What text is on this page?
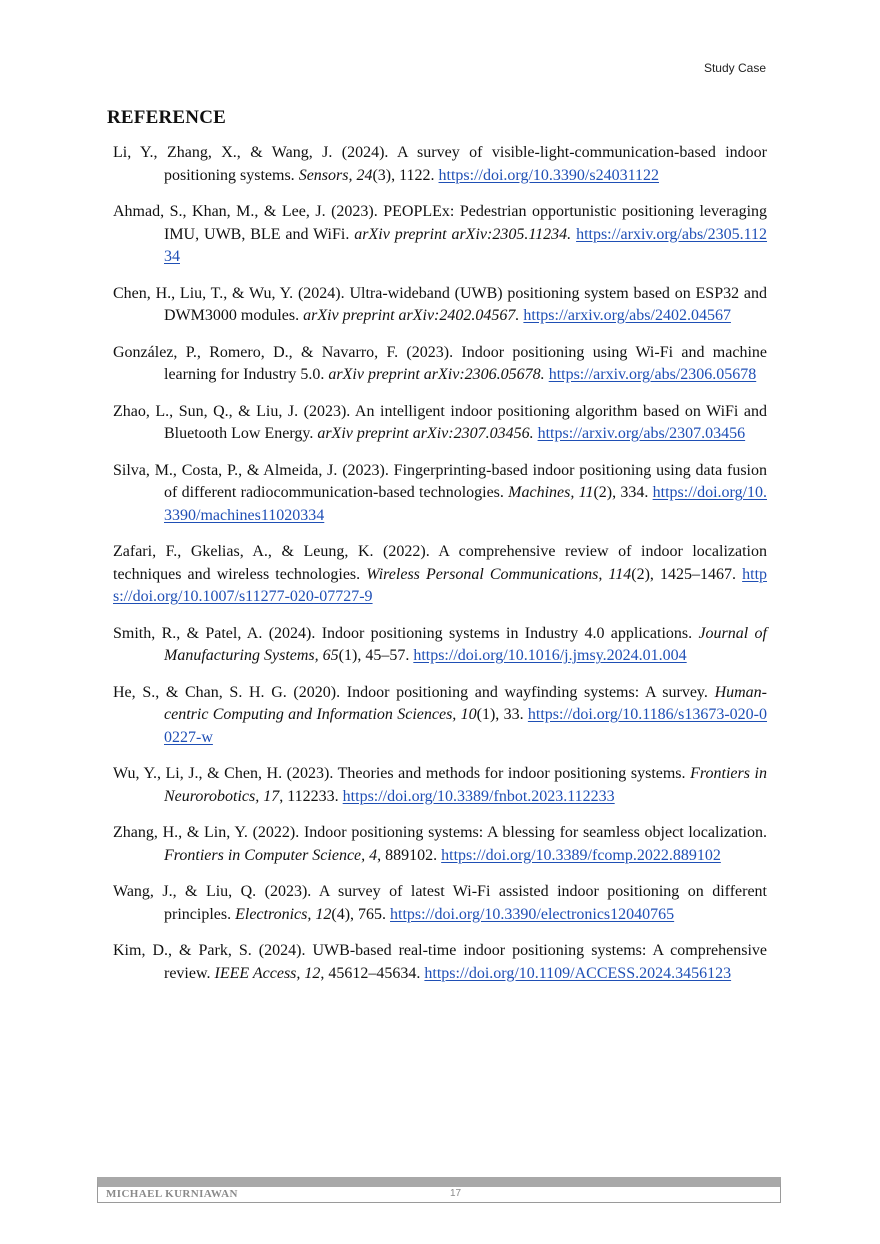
Study Case
REFERENCE
Li, Y., Zhang, X., & Wang, J. (2024). A survey of visible-light-communication-based indoor positioning systems. Sensors, 24(3), 1122. https://doi.org/10.3390/s24031122
Ahmad, S., Khan, M., & Lee, J. (2023). PEOPLEx: Pedestrian opportunistic positioning leveraging IMU, UWB, BLE and WiFi. arXiv preprint arXiv:2305.11234. https://arxiv.org/abs/2305.11234
Chen, H., Liu, T., & Wu, Y. (2024). Ultra-wideband (UWB) positioning system based on ESP32 and DWM3000 modules. arXiv preprint arXiv:2402.04567. https://arxiv.org/abs/2402.04567
González, P., Romero, D., & Navarro, F. (2023). Indoor positioning using Wi-Fi and machine learning for Industry 5.0. arXiv preprint arXiv:2306.05678. https://arxiv.org/abs/2306.05678
Zhao, L., Sun, Q., & Liu, J. (2023). An intelligent indoor positioning algorithm based on WiFi and Bluetooth Low Energy. arXiv preprint arXiv:2307.03456. https://arxiv.org/abs/2307.03456
Silva, M., Costa, P., & Almeida, J. (2023). Fingerprinting-based indoor positioning using data fusion of different radiocommunication-based technologies. Machines, 11(2), 334. https://doi.org/10.3390/machines11020334
Zafari, F., Gkelias, A., & Leung, K. (2022). A comprehensive review of indoor localization techniques and wireless technologies. Wireless Personal Communications, 114(2), 1425–1467. https://doi.org/10.1007/s11277-020-07727-9
Smith, R., & Patel, A. (2024). Indoor positioning systems in Industry 4.0 applications. Journal of Manufacturing Systems, 65(1), 45–57. https://doi.org/10.1016/j.jmsy.2024.01.004
He, S., & Chan, S. H. G. (2020). Indoor positioning and wayfinding systems: A survey. Human-centric Computing and Information Sciences, 10(1), 33. https://doi.org/10.1186/s13673-020-00227-w
Wu, Y., Li, J., & Chen, H. (2023). Theories and methods for indoor positioning systems. Frontiers in Neurorobotics, 17, 112233. https://doi.org/10.3389/fnbot.2023.112233
Zhang, H., & Lin, Y. (2022). Indoor positioning systems: A blessing for seamless object localization. Frontiers in Computer Science, 4, 889102. https://doi.org/10.3389/fcomp.2022.889102
Wang, J., & Liu, Q. (2023). A survey of latest Wi-Fi assisted indoor positioning on different principles. Electronics, 12(4), 765. https://doi.org/10.3390/electronics12040765
Kim, D., & Park, S. (2024). UWB-based real-time indoor positioning systems: A comprehensive review. IEEE Access, 12, 45612–45634. https://doi.org/10.1109/ACCESS.2024.3456123
MICHAEL KURNIAWAN	17
